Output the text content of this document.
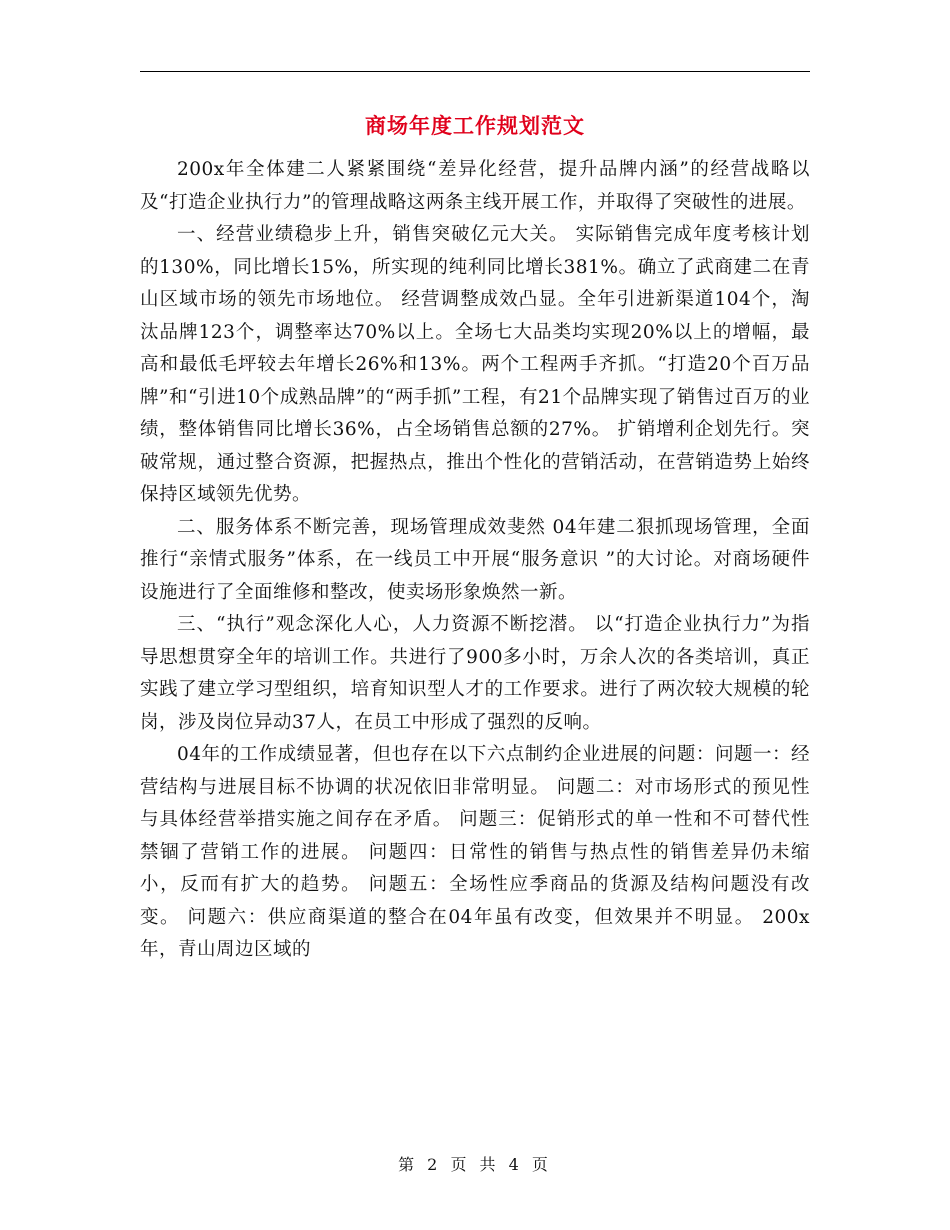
商场年度工作规划范文

200x年全体建二人紧紧围绕“差异化经营，提升品牌内涵”的经营战略以及“打造企业执行力”的管理战略这两条主线开展工作，并取得了突破性的进展。

一、经营业绩稳步上升，销售突破亿元大关。 实际销售完成年度考核计划的130%，同比增长15%，所实现的纯利同比增长381%。确立了武商建二在青山区域市场的领先市场地位。 经营调整成效凸显。全年引进新渠道104个，淘汰品牌123个，调整率达70%以上。全场七大品类均实现20%以上的增幅，最高和最低毛坪较去年增长26%和13%。两个工程两手齐抓。“打造20个百万品牌”和“引进10个成熟品牌”的“两手抓”工程，有21个品牌实现了销售过百万的业绩，整体销售同比增长36%，占全场销售总额的27%。 扩销增利企划先行。突破常规，通过整合资源，把握热点，推出个性化的营销活动，在营销造势上始终保持区域领先优势。

二、服务体系不断完善，现场管理成效斐然 04年建二狠抓现场管理，全面推行“亲情式服务”体系，在一线员工中开展“服务意识 ”的大讨论。对商场硬件设施进行了全面维修和整改，使卖场形象焕然一新。

三、“执行”观念深化人心，人力资源不断挖潜。 以“打造企业执行力”为指导思想贯穿全年的培训工作。共进行了900多小时，万余人次的各类培训，真正实践了建立学习型组织，培育知识型人才的工作要求。进行了两次较大规模的轮岗，涉及岗位异动37人，在员工中形成了强烈的反响。

04年的工作成绩显著，但也存在以下六点制约企业进展的问题：问题一：经营结构与进展目标不协调的状况依旧非常明显。 问题二：对市场形式的预见性与具体经营举措实施之间存在矛盾。 问题三：促销形式的单一性和不可替代性禁锢了营销工作的进展。 问题四：日常性的销售与热点性的销售差异仍未缩小，反而有扩大的趋势。 问题五：全场性应季商品的货源及结构问题没有改变。 问题六：供应商渠道的整合在04年虽有改变，但效果并不明显。 200x年，青山周边区域的

第 2 页 共 4 页
